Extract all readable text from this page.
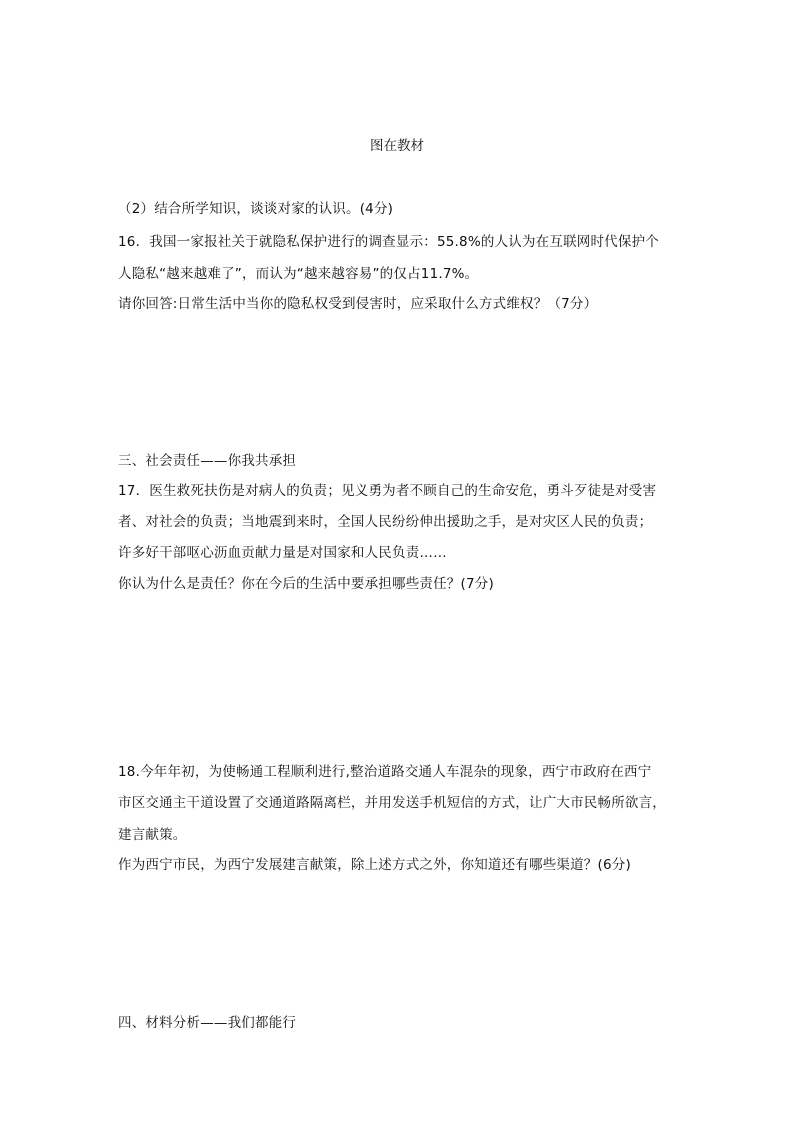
图在教材
（2）结合所学知识，谈谈对家的认识。(4分)
16．我国一家报社关于就隐私保护进行的调查显示：55.8%的人认为在互联网时代保护个
人隐私“越来越难了”，而认为“越来越容易”的仅占11.7%。
请你回答:日常生活中当你的隐私权受到侵害时，应采取什么方式维权？（7分）
三、社会责任——你我共承担
17．医生救死扶伤是对病人的负责；见义勇为者不顾自己的生命安危，勇斗歹徒是对受害
者、对社会的负责；当地震到来时，全国人民纷纷伸出援助之手，是对灾区人民的负责；
许多好干部呕心沥血贡献力量是对国家和人民负责……
你认为什么是责任？你在今后的生活中要承担哪些责任？(7分)
18.今年年初，为使畅通工程顺利进行,整治道路交通人车混杂的现象，西宁市政府在西宁
市区交通主干道设置了交通道路隔离栏，并用发送手机短信的方式，让广大市民畅所欲言，
建言献策。
作为西宁市民，为西宁发展建言献策，除上述方式之外，你知道还有哪些渠道？(6分)
四、材料分析——我们都能行
